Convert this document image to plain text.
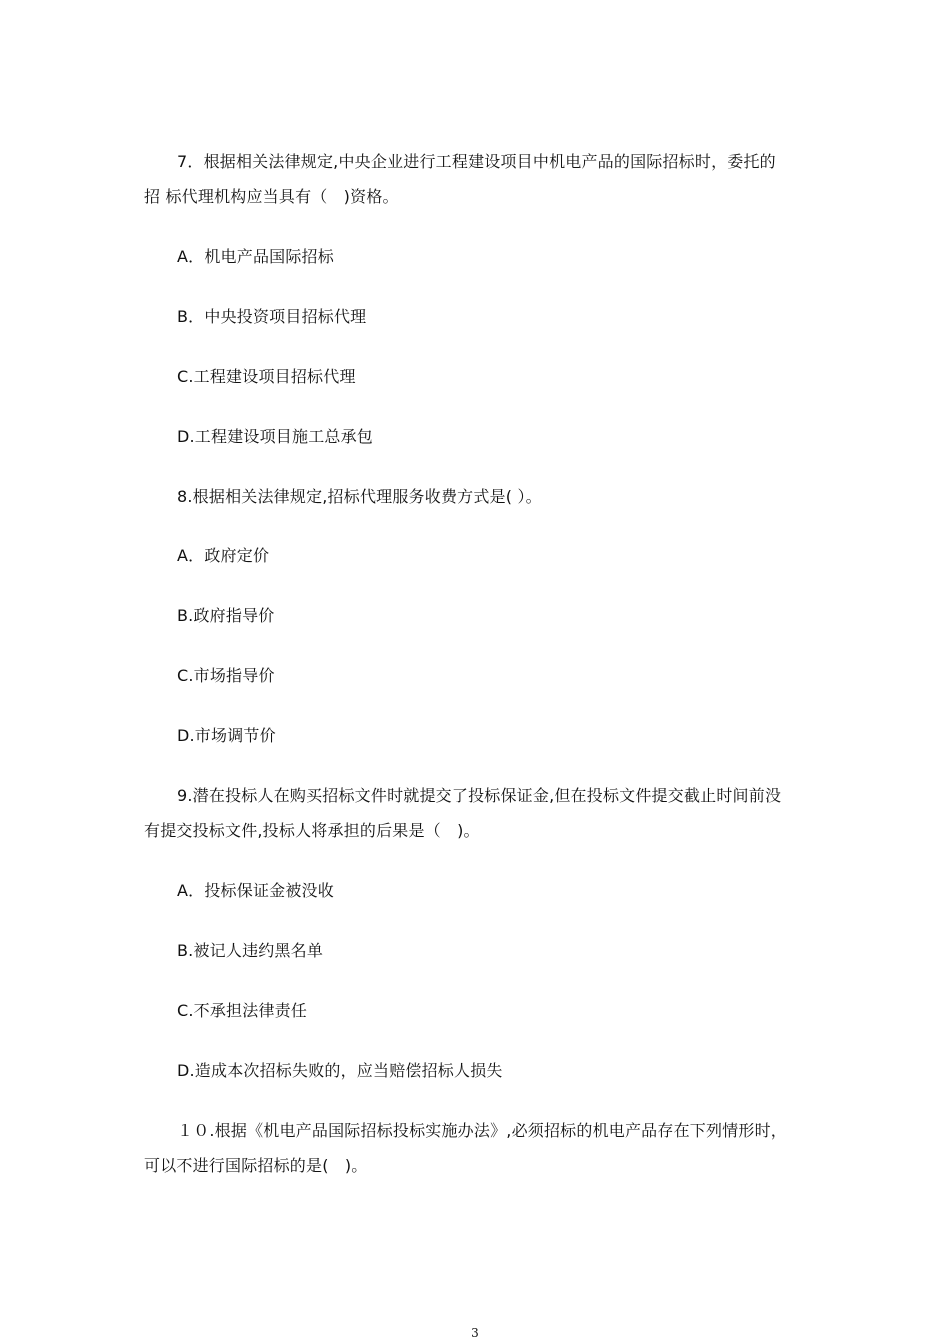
7．根据相关法律规定,中央企业进行工程建设项目中机电产品的国际招标时，委托的
招 标代理机构应当具有（　)资格。
A．机电产品国际招标
B．中央投资项目招标代理
C.工程建设项目招标代理
D.工程建设项目施工总承包
8.根据相关法律规定,招标代理服务收费方式是( ）。
A．政府定价
B.政府指导价
C.市场指导价
D.市场调节价
9.潜在投标人在购买招标文件时就提交了投标保证金,但在投标文件提交截止时间前没
有提交投标文件,投标人将承担的后果是（　)。
A．投标保证金被没收
B.被记人违约黑名单
C.不承担法律责任
D.造成本次招标失败的，应当赔偿招标人损失
１０.根据《机电产品国际招标投标实施办法》,必须招标的机电产品存在下列情形时，
可以不进行国际招标的是(　)。
3
